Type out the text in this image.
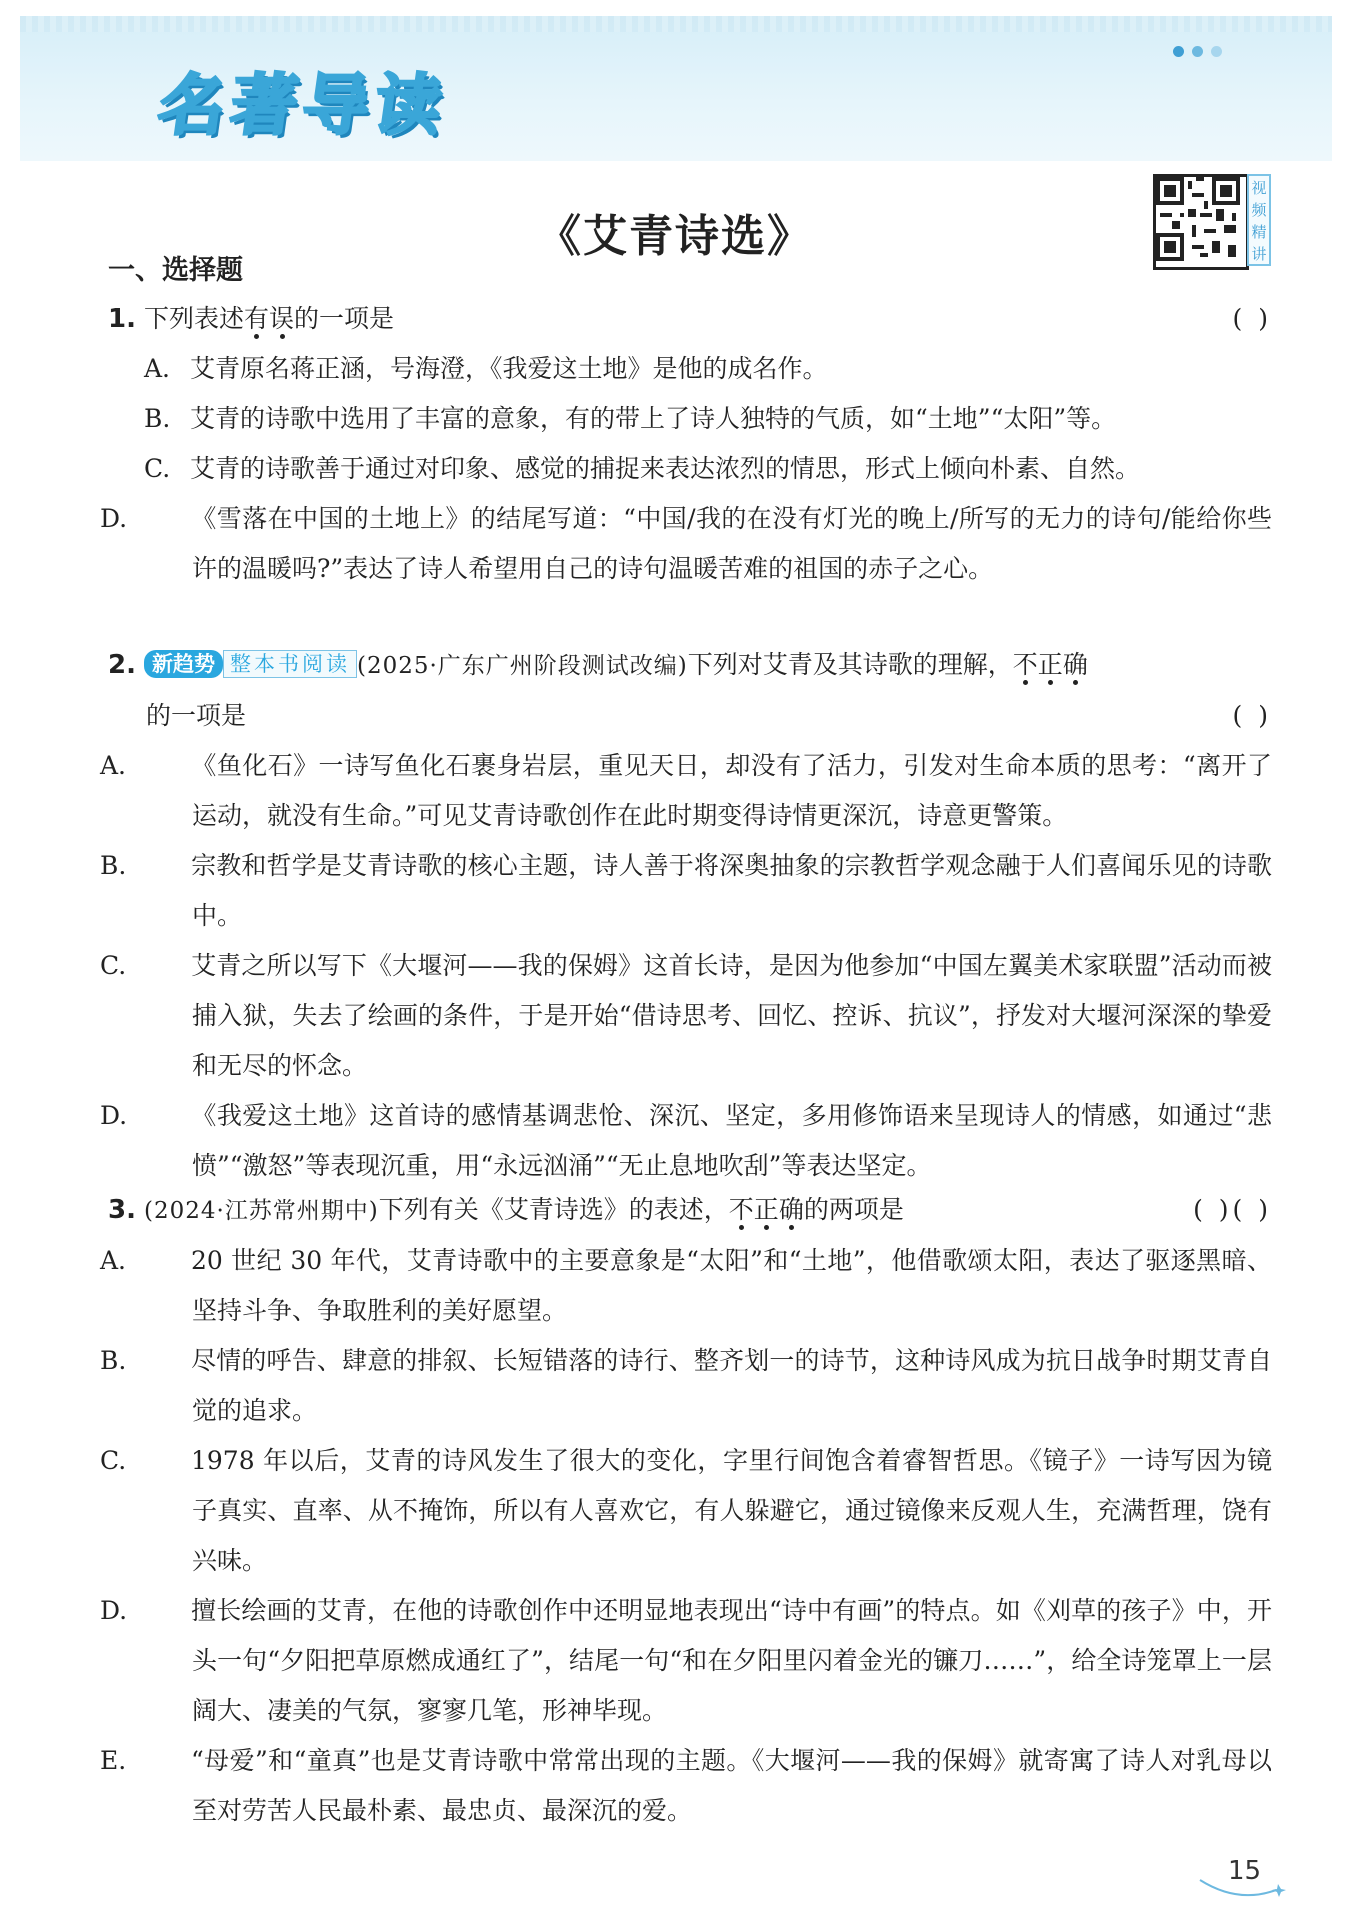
名著导读
视频精讲
《艾青诗选》
一、选择题
1. 下列表述有误的一项是	( )
A. 艾青原名蒋正涵，号海澄，《我爱这土地》是他的成名作。
B. 艾青的诗歌中选用了丰富的意象，有的带上了诗人独特的气质，如“土地”“太阳”等。
C. 艾青的诗歌善于通过对印象、感觉的捕捉来表达浓烈的情思，形式上倾向朴素、自然。
D.	《雪落在中国的土地上》的结尾写道：“中国/我的在没有灯光的晚上/所写的无力的诗句/能给你些许的温暖吗?”表达了诗人希望用自己的诗句温暖苦难的祖国的赤子之心。
2. 新趋势 整本书阅读 (2025·广东广州阶段测试改编)下列对艾青及其诗歌的理解，不正确
的一项是	( )
A.	《鱼化石》一诗写鱼化石裹身岩层，重见天日，却没有了活力，引发对生命本质的思考：“离开了运动，就没有生命。”可见艾青诗歌创作在此时期变得诗情更深沉，诗意更警策。
B.	宗教和哲学是艾青诗歌的核心主题，诗人善于将深奥抽象的宗教哲学观念融于人们喜闻乐见的诗歌中。
C.	艾青之所以写下《大堰河——我的保姆》这首长诗，是因为他参加“中国左翼美术家联盟”活动而被捕入狱，失去了绘画的条件，于是开始“借诗思考、回忆、控诉、抗议”，抒发对大堰河深深的挚爱和无尽的怀念。
D.	《我爱这土地》这首诗的感情基调悲怆、深沉、坚定，多用修饰语来呈现诗人的情感，如通过“悲愤”“激怒”等表现沉重，用“永远汹涌”“无止息地吹刮”等表达坚定。
3. (2024·江苏常州期中)下列有关《艾青诗选》的表述，不正确的两项是	( )( )
A.	20 世纪 30 年代，艾青诗歌中的主要意象是“太阳”和“土地”，他借歌颂太阳，表达了驱逐黑暗、坚持斗争、争取胜利的美好愿望。
B.	尽情的呼告、肆意的排叙、长短错落的诗行、整齐划一的诗节，这种诗风成为抗日战争时期艾青自觉的追求。
C.	1978 年以后，艾青的诗风发生了很大的变化，字里行间饱含着睿智哲思。《镜子》一诗写因为镜子真实、直率、从不掩饰，所以有人喜欢它，有人躲避它，通过镜像来反观人生，充满哲理，饶有兴味。
D.	擅长绘画的艾青，在他的诗歌创作中还明显地表现出“诗中有画”的特点。如《刈草的孩子》中，开头一句“夕阳把草原燃成通红了”，结尾一句“和在夕阳里闪着金光的镰刀……”，给全诗笼罩上一层阔大、凄美的气氛，寥寥几笔，形神毕现。
E.	“母爱”和“童真”也是艾青诗歌中常常出现的主题。《大堰河——我的保姆》就寄寓了诗人对乳母以至对劳苦人民最朴素、最忠贞、最深沉的爱。
15
